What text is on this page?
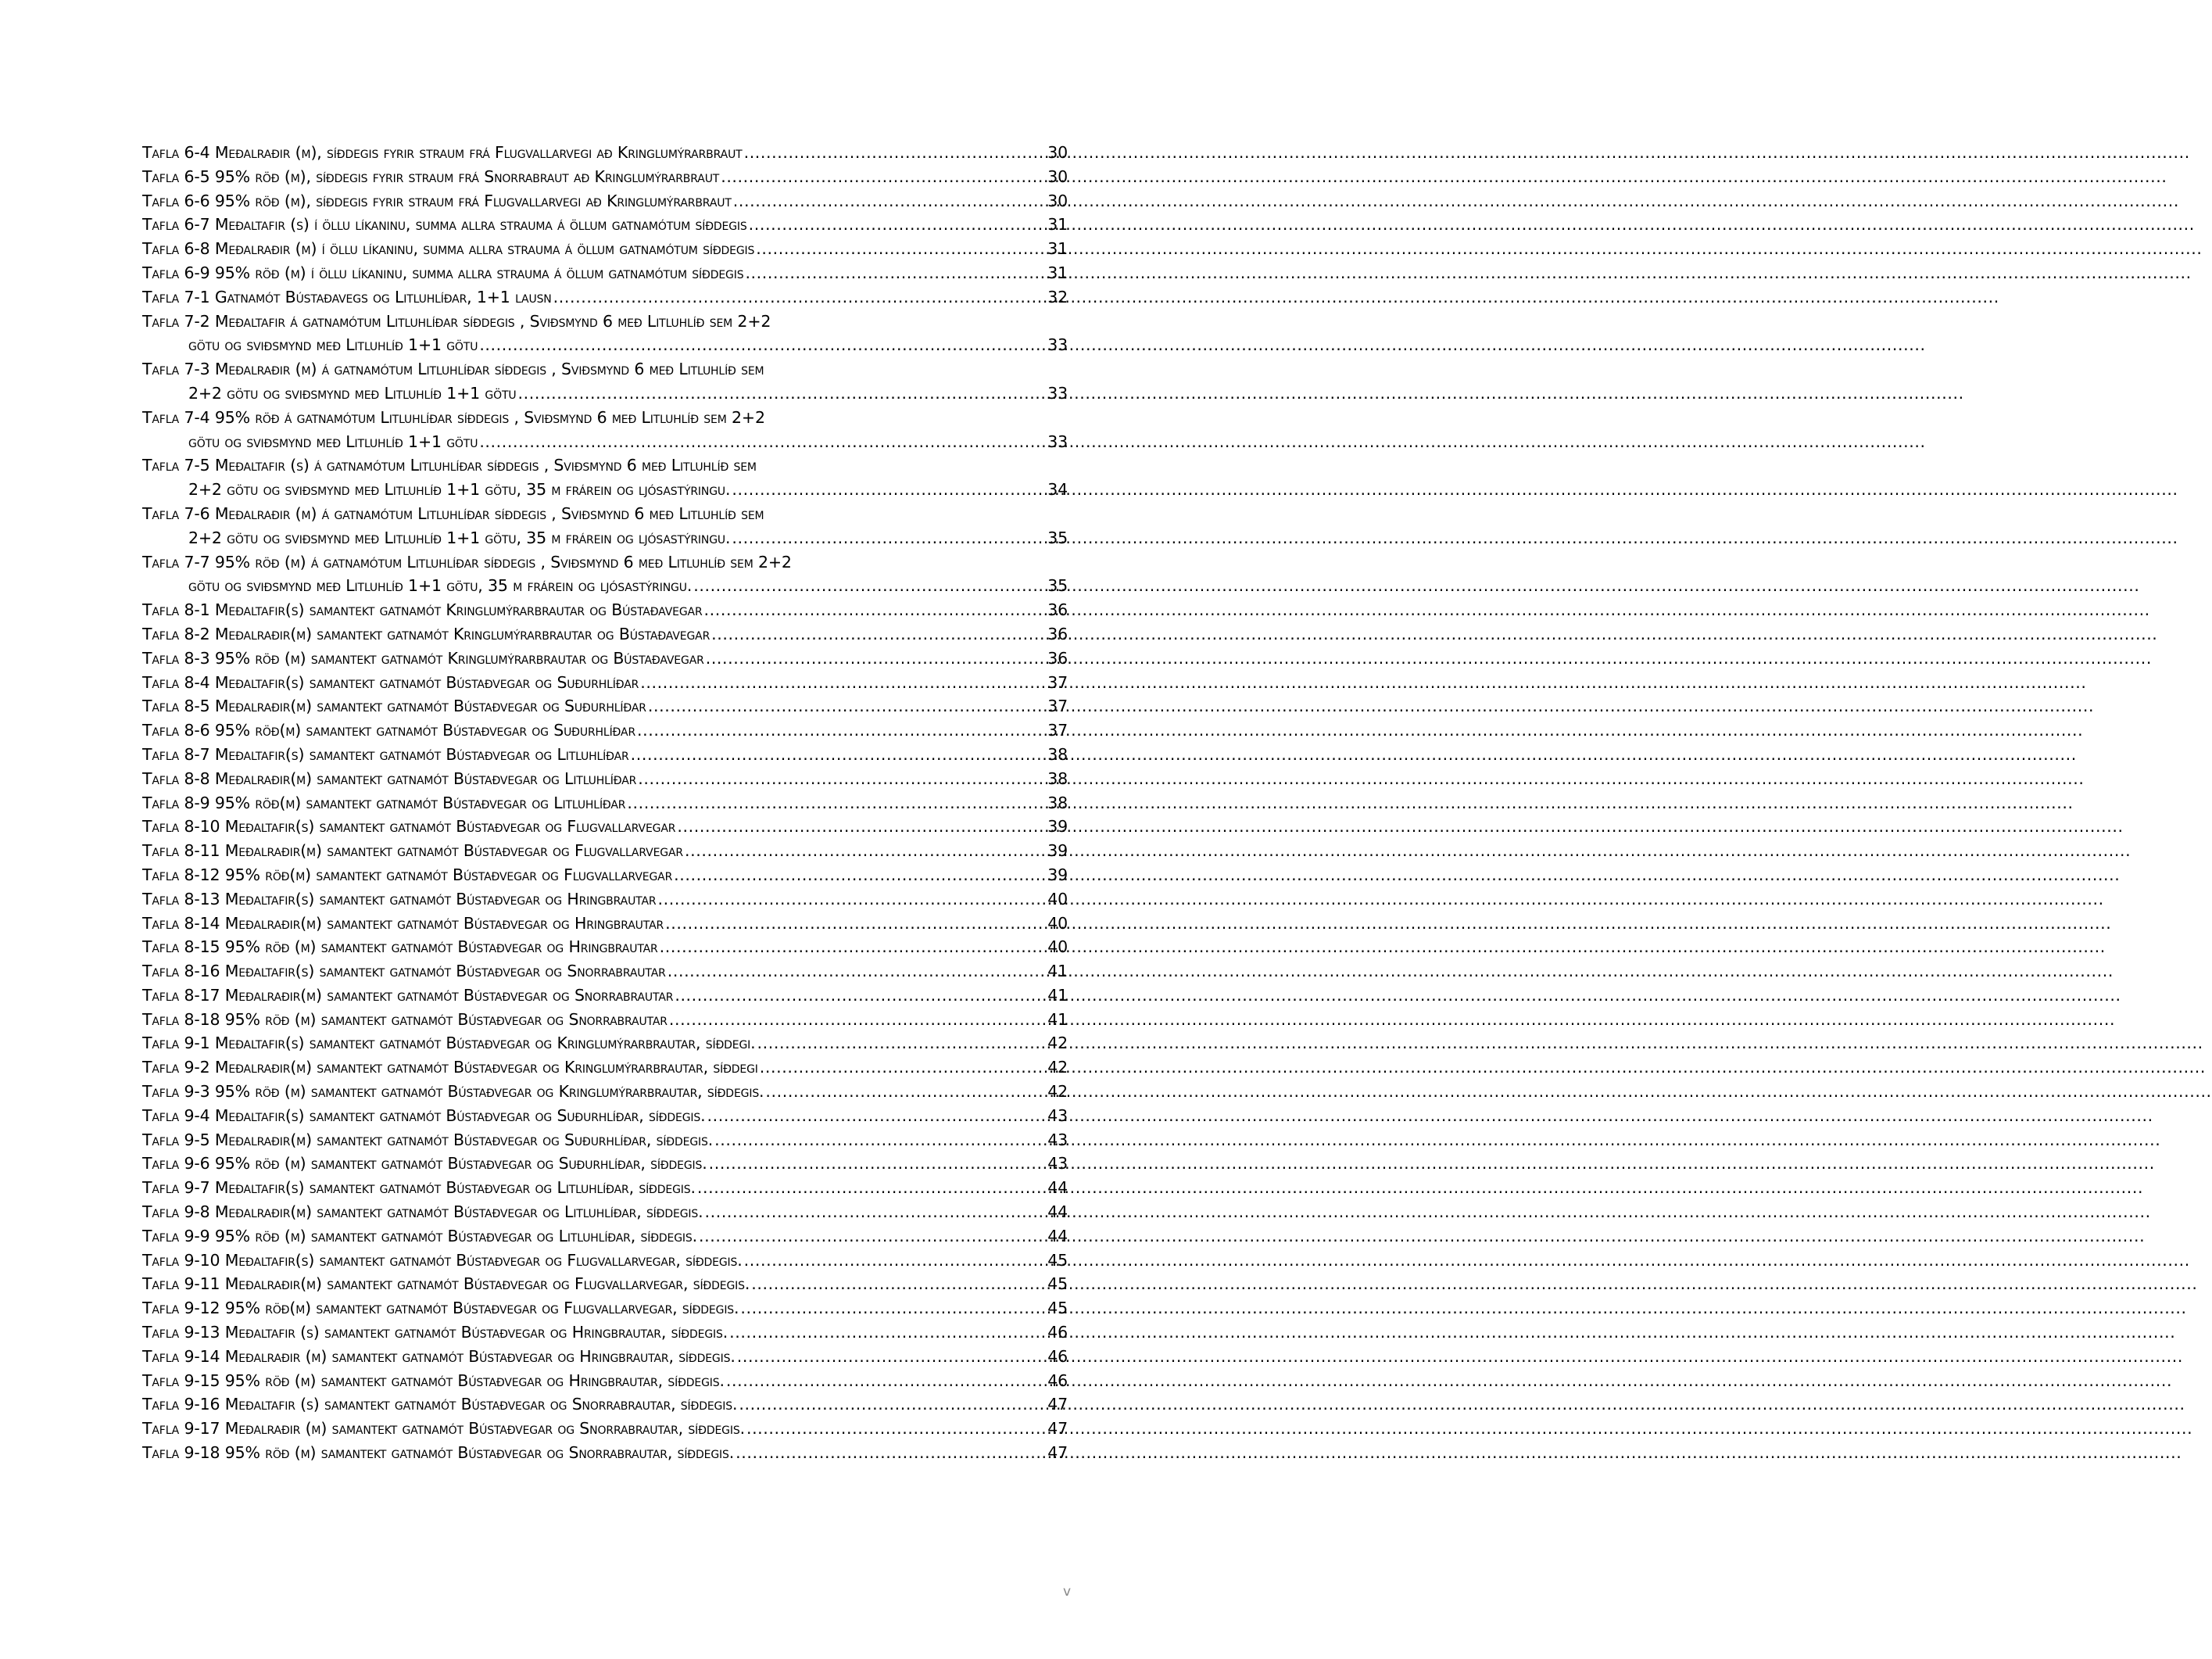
Tafla 6-4 Meðalraðir (m), síðdegis fyrir straum frá Flugvallarvegi að Kringlumýrarbraut .....	30
Tafla 6-5 95% röð (m), síðdegis fyrir straum frá Snorrabraut að Kringlumýrarbraut .....	30
Tafla 6-6 95% röð (m), síðdegis fyrir straum frá Flugvallarvegi að Kringlumýrarbraut .....	30
Tafla 6-7 Meðaltafir (s) í öllu líkaninu, summa allra strauma á öllum gatnamótum síðdegis .....	31
Tafla 6-8 Meðalraðir (m) í öllu líkaninu, summa allra strauma á öllum gatnamótum síðdegis .....	31
Tafla 6-9 95% röð (m) í öllu líkaninu, summa allra strauma á öllum gatnamótum síðdegis .....	31
Tafla 7-1 Gatnamót Bústaðavegs og Litluhlíðar, 1+1 lausn .....	32
Tafla 7-2 Meðaltafir á gatnamótum Litluhlíðar síðdegis , Sviðsmynd 6 með Litluhlíð sem 2+2
götu og sviðsmynd með Litluhlíð 1+1 götu .....	33
Tafla 7-3 Meðalraðir (m) á gatnamótum Litluhlíðar síðdegis , Sviðsmynd 6 með Litluhlíð sem
2+2 götu og sviðsmynd með Litluhlíð 1+1 götu .....	33
Tafla 7-4 95% röð á gatnamótum Litluhlíðar síðdegis , Sviðsmynd 6 með Litluhlíð sem 2+2
götu og sviðsmynd með Litluhlíð 1+1 götu .....	33
Tafla 7-5 Meðaltafir (s) á gatnamótum Litluhlíðar síðdegis , Sviðsmynd 6 með Litluhlíð sem
2+2 götu og sviðsmynd með Litluhlíð 1+1 götu, 35 m frárein og ljósastýringu. .....	34
Tafla 7-6 Meðalraðir (m) á gatnamótum Litluhlíðar síðdegis , Sviðsmynd 6 með Litluhlíð sem
2+2 götu og sviðsmynd með Litluhlíð 1+1 götu, 35 m frárein og ljósastýringu. .....	35
Tafla 7-7 95% röð (m) á gatnamótum Litluhlíðar síðdegis , Sviðsmynd 6 með Litluhlíð sem 2+2
götu og sviðsmynd með Litluhlíð 1+1 götu, 35 m frárein og ljósastýringu. .....	35
Tafla 8-1 Meðaltafir(s) samantekt gatnamót Kringlumýrarbrautar og Bústaðavegar .....	36
Tafla 8-2 Meðalraðir(m) samantekt gatnamót Kringlumýrarbrautar og Bústaðavegar .....	36
Tafla 8-3 95% röð (m) samantekt gatnamót Kringlumýrarbrautar og Bústaðavegar .....	36
Tafla 8-4 Meðaltafir(s) samantekt gatnamót Bústaðvegar og Suðurhlíðar .....	37
Tafla 8-5 Meðalraðir(m) samantekt gatnamót Bústaðvegar og Suðurhlíðar .....	37
Tafla 8-6 95% röð(m) samantekt gatnamót Bústaðvegar og Suðurhlíðar .....	37
Tafla 8-7 Meðaltafir(s) samantekt gatnamót Bústaðvegar og Litluhlíðar .....	38
Tafla 8-8 Meðalraðir(m) samantekt gatnamót Bústaðvegar og Litluhlíðar .....	38
Tafla 8-9 95% röð(m) samantekt gatnamót Bústaðvegar og Litluhlíðar .....	38
Tafla 8-10 Meðaltafir(s) samantekt gatnamót Bústaðvegar og Flugvallarvegar .....	39
Tafla 8-11 Meðalraðir(m) samantekt gatnamót Bústaðvegar og Flugvallarvegar .....	39
Tafla 8-12 95% röð(m) samantekt gatnamót Bústaðvegar og Flugvallarvegar .....	39
Tafla 8-13 Meðaltafir(s) samantekt gatnamót Bústaðvegar og Hringbrautar .....	40
Tafla 8-14 Meðalraðir(m) samantekt gatnamót Bústaðvegar og Hringbrautar .....	40
Tafla 8-15 95% röð (m) samantekt gatnamót Bústaðvegar og Hringbrautar .....	40
Tafla 8-16 Meðaltafir(s) samantekt gatnamót Bústaðvegar og Snorrabrautar .....	41
Tafla 8-17 Meðalraðir(m) samantekt gatnamót Bústaðvegar og Snorrabrautar .....	41
Tafla 8-18 95% röð (m) samantekt gatnamót Bústaðvegar og Snorrabrautar .....	41
Tafla 9-1 Meðaltafir(s) samantekt gatnamót Bústaðvegar og Kringlumýrarbrautar, síðdegi. .....	42
Tafla 9-2 Meðalraðir(m) samantekt gatnamót Bústaðvegar og Kringlumýrarbrautar, síðdegi .....	42
Tafla 9-3 95% röð (m) samantekt gatnamót Bústaðvegar og Kringlumýrarbrautar, síðdegis. .....	42
Tafla 9-4 Meðaltafir(s) samantekt gatnamót Bústaðvegar og Suðurhlíðar, síðdegis. .....	43
Tafla 9-5 Meðalraðir(m) samantekt gatnamót Bústaðvegar og Suðurhlíðar, síðdegis. .....	43
Tafla 9-6 95% röð (m) samantekt gatnamót Bústaðvegar og Suðurhlíðar, síðdegis. .....	43
Tafla 9-7 Meðaltafir(s) samantekt gatnamót Bústaðvegar og Litluhlíðar, síðdegis. .....	44
Tafla 9-8 Meðalraðir(m) samantekt gatnamót Bústaðvegar og Litluhlíðar, síðdegis. .....	44
Tafla 9-9 95% röð (m) samantekt gatnamót Bústaðvegar og Litluhlíðar, síðdegis. .....	44
Tafla 9-10 Meðaltafir(s) samantekt gatnamót Bústaðvegar og Flugvallarvegar, síðdegis. .....	45
Tafla 9-11 Meðalraðir(m) samantekt gatnamót Bústaðvegar og Flugvallarvegar, síðdegis. .....	45
Tafla 9-12 95% röð(m) samantekt gatnamót Bústaðvegar og Flugvallarvegar, síðdegis. .....	45
Tafla 9-13 Meðaltafir (s) samantekt gatnamót Bústaðvegar og Hringbrautar, síðdegis. .....	46
Tafla 9-14 Meðalraðir (m) samantekt gatnamót Bústaðvegar og Hringbrautar, síðdegis. .....	46
Tafla 9-15 95% röð (m) samantekt gatnamót Bústaðvegar og Hringbrautar, síðdegis. .....	46
Tafla 9-16 Meðaltafir (s) samantekt gatnamót Bústaðvegar og Snorrabrautar, síðdegis. .....	47
Tafla 9-17 Meðalraðir (m) samantekt gatnamót Bústaðvegar og Snorrabrautar, síðdegis. .....	47
Tafla 9-18 95% röð (m) samantekt gatnamót Bústaðvegar og Snorrabrautar, síðdegis. .....	47
v
